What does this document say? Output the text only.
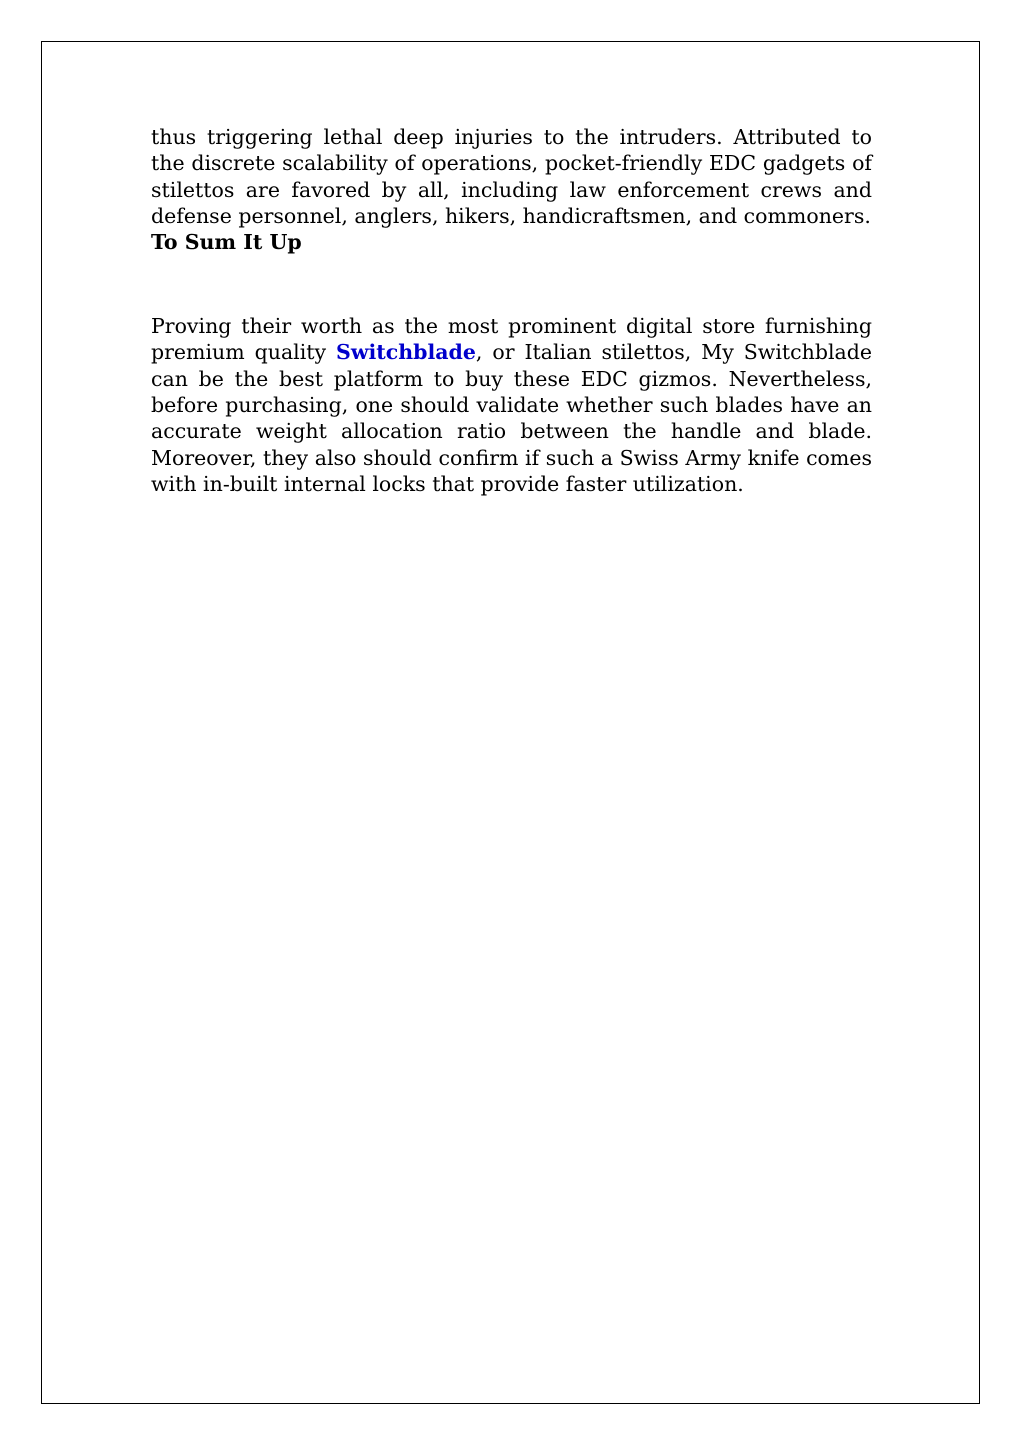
thus triggering lethal deep injuries to the intruders. Attributed to the discrete scalability of operations, pocket-friendly EDC gadgets of stilettos are favored by all, including law enforcement crews and defense personnel, anglers, hikers, handicraftsmen, and commoners.

To Sum It Up

Proving their worth as the most prominent digital store furnishing premium quality Switchblade, or Italian stilettos, My Switchblade can be the best platform to buy these EDC gizmos. Nevertheless, before purchasing, one should validate whether such blades have an accurate weight allocation ratio between the handle and blade. Moreover, they also should confirm if such a Swiss Army knife comes with in-built internal locks that provide faster utilization.
